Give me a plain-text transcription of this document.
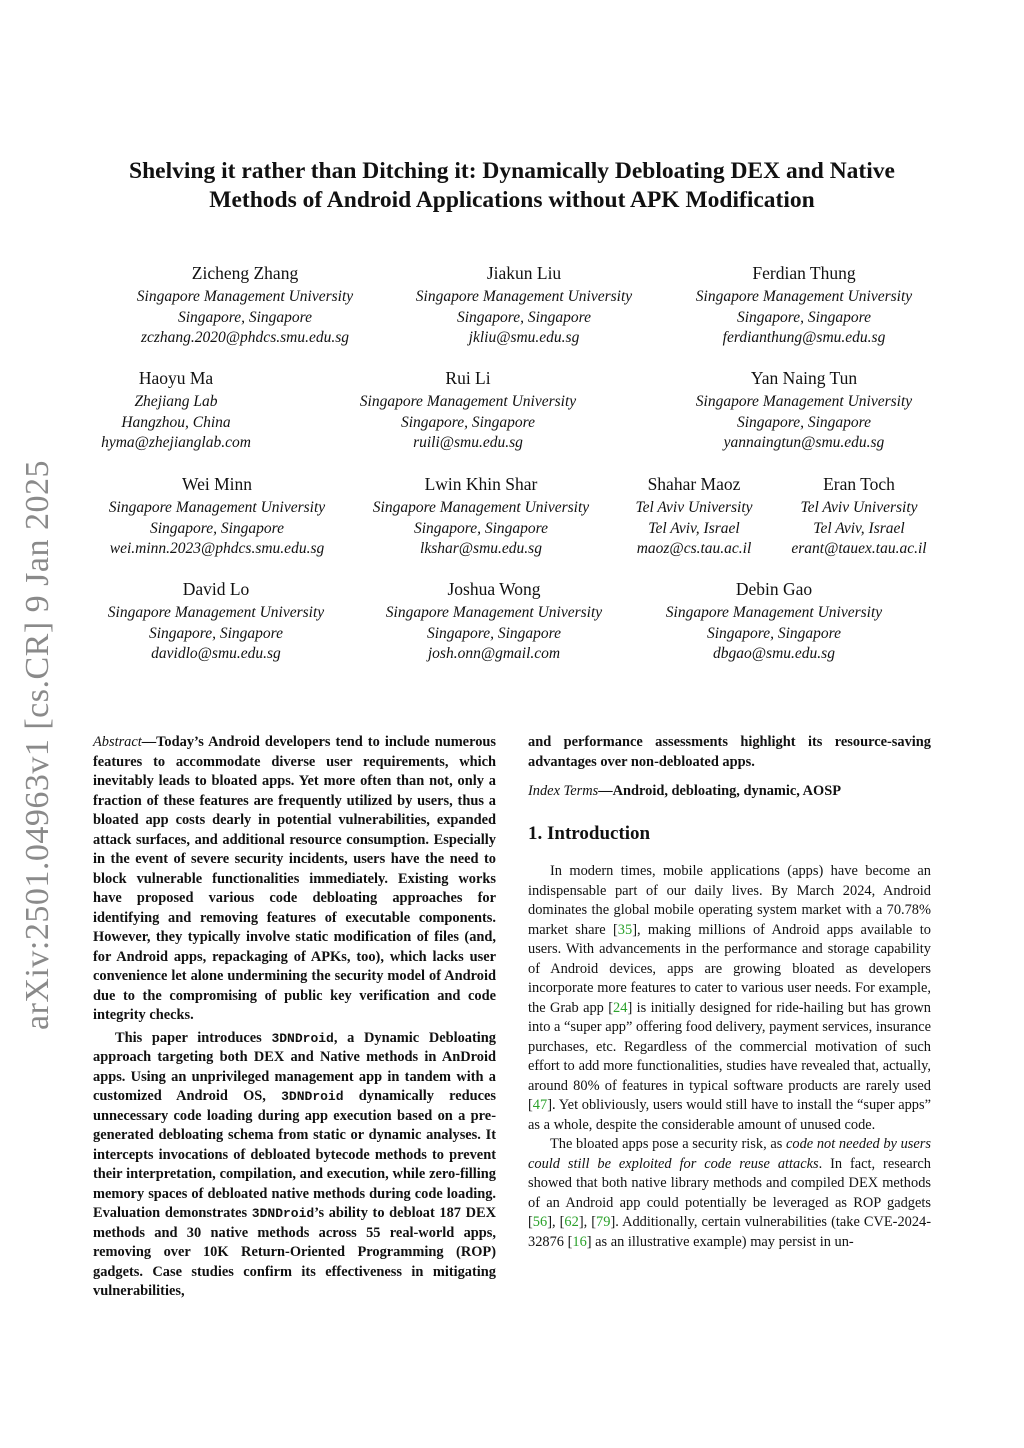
arXiv:2501.04963v1 [cs.CR] 9 Jan 2025
Shelving it rather than Ditching it: Dynamically Debloating DEX and Native Methods of Android Applications without APK Modification
Zicheng Zhang
Singapore Management University
Singapore, Singapore
zczhang.2020@phdcs.smu.edu.sg
Jiakun Liu
Singapore Management University
Singapore, Singapore
jkliu@smu.edu.sg
Ferdian Thung
Singapore Management University
Singapore, Singapore
ferdianthung@smu.edu.sg
Haoyu Ma
Zhejiang Lab
Hangzhou, China
hyma@zhejianglab.com
Rui Li
Singapore Management University
Singapore, Singapore
ruili@smu.edu.sg
Yan Naing Tun
Singapore Management University
Singapore, Singapore
yannaingtun@smu.edu.sg
Wei Minn
Singapore Management University
Singapore, Singapore
wei.minn.2023@phdcs.smu.edu.sg
Lwin Khin Shar
Singapore Management University
Singapore, Singapore
lkshar@smu.edu.sg
Shahar Maoz
Tel Aviv University
Tel Aviv, Israel
maoz@cs.tau.ac.il
Eran Toch
Tel Aviv University
Tel Aviv, Israel
erant@tauex.tau.ac.il
David Lo
Singapore Management University
Singapore, Singapore
davidlo@smu.edu.sg
Joshua Wong
Singapore Management University
Singapore, Singapore
josh.onn@gmail.com
Debin Gao
Singapore Management University
Singapore, Singapore
dbgao@smu.edu.sg

Abstract—Today’s Android developers tend to include numerous features to accommodate diverse user requirements, which inevitably leads to bloated apps. Yet more often than not, only a fraction of these features are frequently utilized by users, thus a bloated app costs dearly in potential vulnerabilities, expanded attack surfaces, and additional resource consumption. Especially in the event of severe security incidents, users have the need to block vulnerable functionalities immediately. Existing works have proposed various code debloating approaches for identifying and removing features of executable components. However, they typically involve static modification of files (and, for Android apps, repackaging of APKs, too), which lacks user convenience let alone undermining the security model of Android due to the compromising of public key verification and code integrity checks.

This paper introduces 3DNDroid, a Dynamic Debloating approach targeting both DEX and Native methods in AnDroid apps. Using an unprivileged management app in tandem with a customized Android OS, 3DNDroid dynamically reduces unnecessary code loading during app execution based on a pre-generated debloating schema from static or dynamic analyses. It intercepts invocations of debloated bytecode methods to prevent their interpretation, compilation, and execution, while zero-filling memory spaces of debloated native methods during code loading. Evaluation demonstrates 3DNDroid’s ability to debloat 187 DEX methods and 30 native methods across 55 real-world apps, removing over 10K Return-Oriented Programming (ROP) gadgets. Case studies confirm its effectiveness in mitigating vulnerabilities,

and performance assessments highlight its resource-saving advantages over non-debloated apps.

Index Terms—Android, debloating, dynamic, AOSP

1. Introduction

In modern times, mobile applications (apps) have become an indispensable part of our daily lives. By March 2024, Android dominates the global mobile operating system market with a 70.78% market share [35], making millions of Android apps available to users. With advancements in the performance and storage capability of Android devices, apps are growing bloated as developers incorporate more features to cater to various user needs. For example, the Grab app [24] is initially designed for ride-hailing but has grown into a “super app” offering food delivery, payment services, insurance purchases, etc. Regardless of the commercial motivation of such effort to add more functionalities, studies have revealed that, actually, around 80% of features in typical software products are rarely used [47]. Yet obliviously, users would still have to install the “super apps” as a whole, despite the considerable amount of unused code.

The bloated apps pose a security risk, as code not needed by users could still be exploited for code reuse attacks. In fact, research showed that both native library methods and compiled DEX methods of an Android app could potentially be leveraged as ROP gadgets [56], [62], [79]. Additionally, certain vulnerabilities (take CVE-2024-32876 [16] as an illustrative example) may persist in un-
